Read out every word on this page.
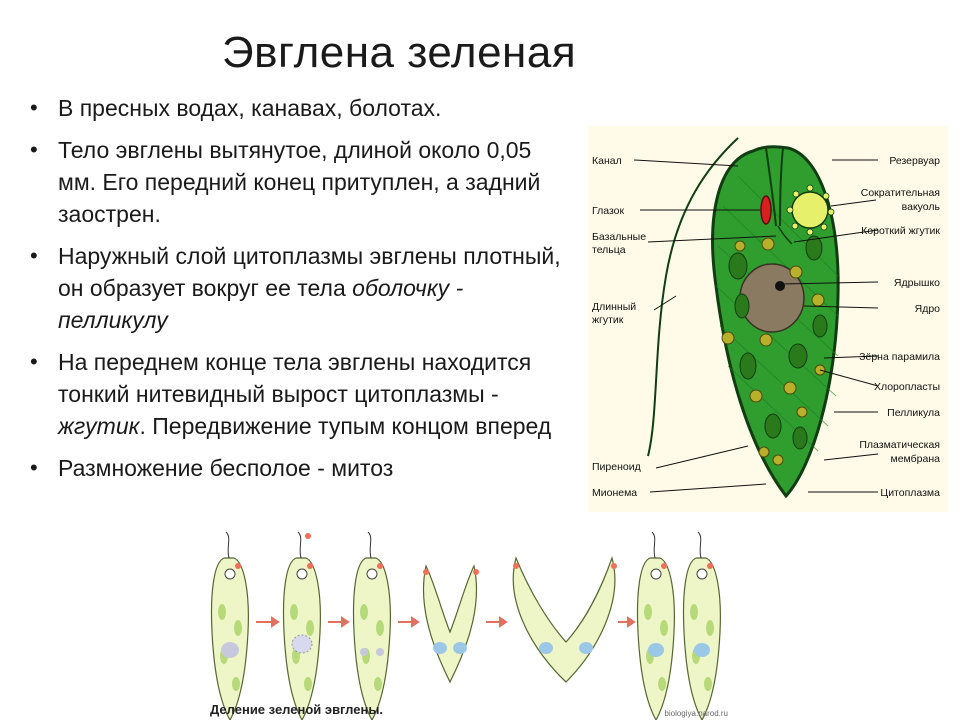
Эвглена зеленая
• В пресных водах, канавах, болотах.
• Тело эвглены вытянутое, длиной около 0,05 мм. Его передний конец притуплен, а задний заострен.
• Наружный слой цитоплазмы эвглены плотный, он образует вокруг ее тела оболочку - пелликулу
• На переднем конце тела эвглены находится тонкий нитевидный вырост цитоплазмы - жгутик. Передвижение тупым концом вперед
• Размножение бесполое - митоз
Канал
Глазок
Базальные
тельца
Длинный
жгутик
Пиреноид
Мионема
Резервуар
Сократительная
вакуоль
Короткий жгутик
Ядрышко
Ядро
Зёрна парамила
Хлоропласты
Пелликула
Плазматическая
мембрана
Цитоплазма
Деление зеленой эвглены.	biologiya.narod.ru
